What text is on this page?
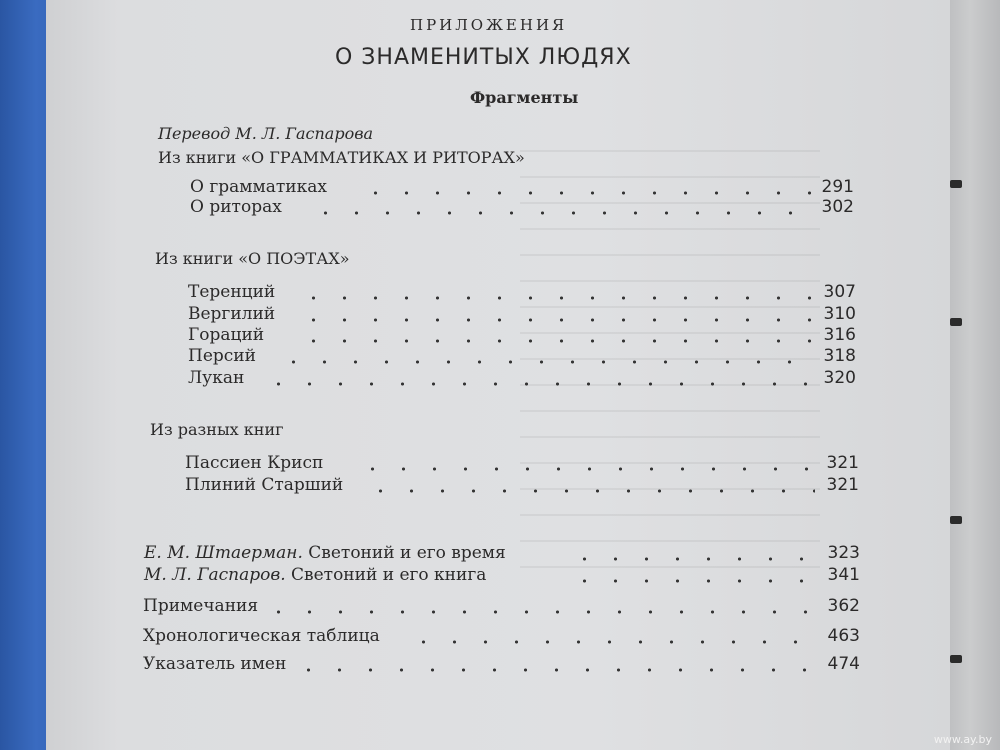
ПРИЛОЖЕНИЯ
О ЗНАМЕНИТЫХ ЛЮДЯХ
Фрагменты
Перевод М. Л. Гаспарова
Из книги «О ГРАММАТИКАХ И РИТОРАХ»
О грамматиках	291
О риторах	302
Из книги «О ПОЭТАХ»
Теренций	307
Вергилий	310
Гораций	316
Персий	318
Лукан	320
Из разных книг
Пассиен Крисп	321
Плиний Старший	321
Е. М. Штаерман. Светоний и его время	323
М. Л. Гаспаров. Светоний и его книга	341
Примечания	362
Хронологическая таблица	463
Указатель имен	474
www.ay.by
